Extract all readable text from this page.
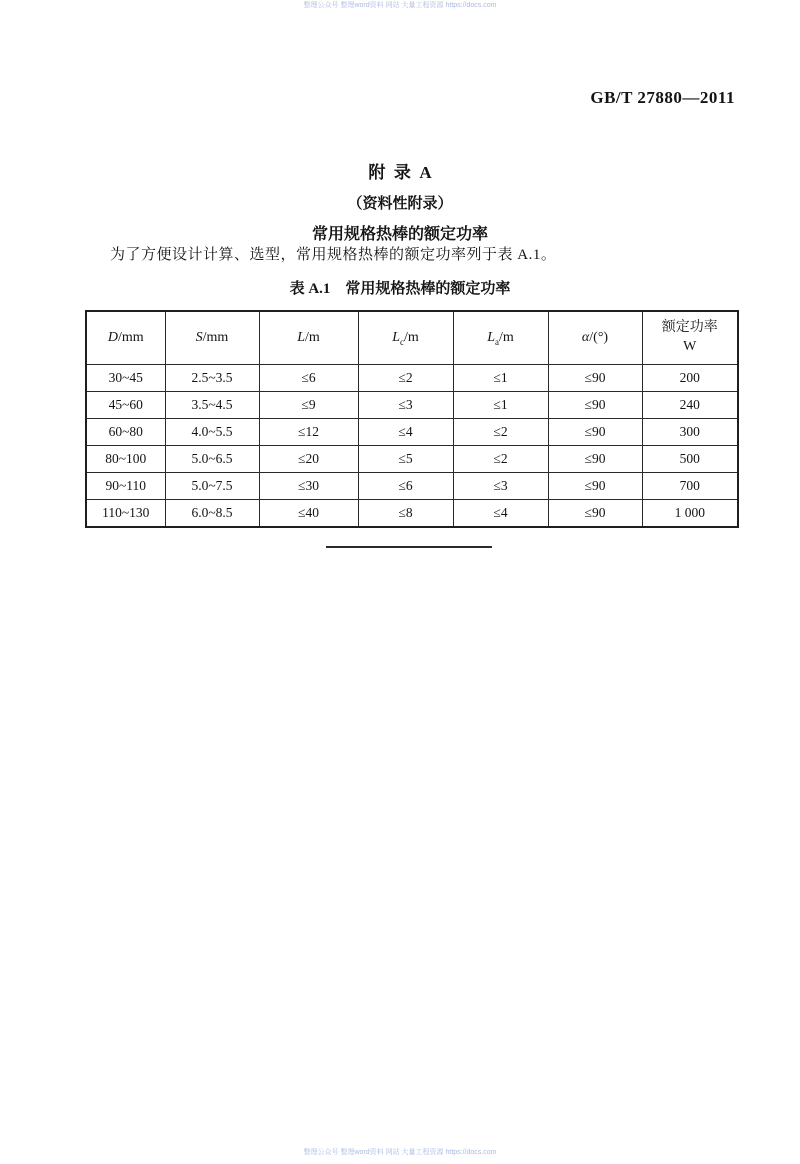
整理公众号 整理word资料 网站 大量工程资源 https://docs.com
GB/T 27880—2011
附  录  A
（资料性附录）
常用规格热棒的额定功率
为了方便设计计算、选型，常用规格热棒的额定功率列于表 A.1。
表 A.1　常用规格热棒的额定功率
D/mm	S/mm	L/m	$L_c/m$	$L_a/m$	α/(°)	额定功率
W

30~45	2.5~3.5	≤6	≤2	≤1	≤90	200
45~60	3.5~4.5	≤9	≤3	≤1	≤90	240
60~80	4.0~5.5	≤12	≤4	≤2	≤90	300
80~100	5.0~6.5	≤20	≤5	≤2	≤90	500
90~110	5.0~7.5	≤30	≤6	≤3	≤90	700
110~130	6.0~8.5	≤40	≤8	≤4	≤90	1 000
整理公众号 整理word资料 网站 大量工程资源 https://docs.com
